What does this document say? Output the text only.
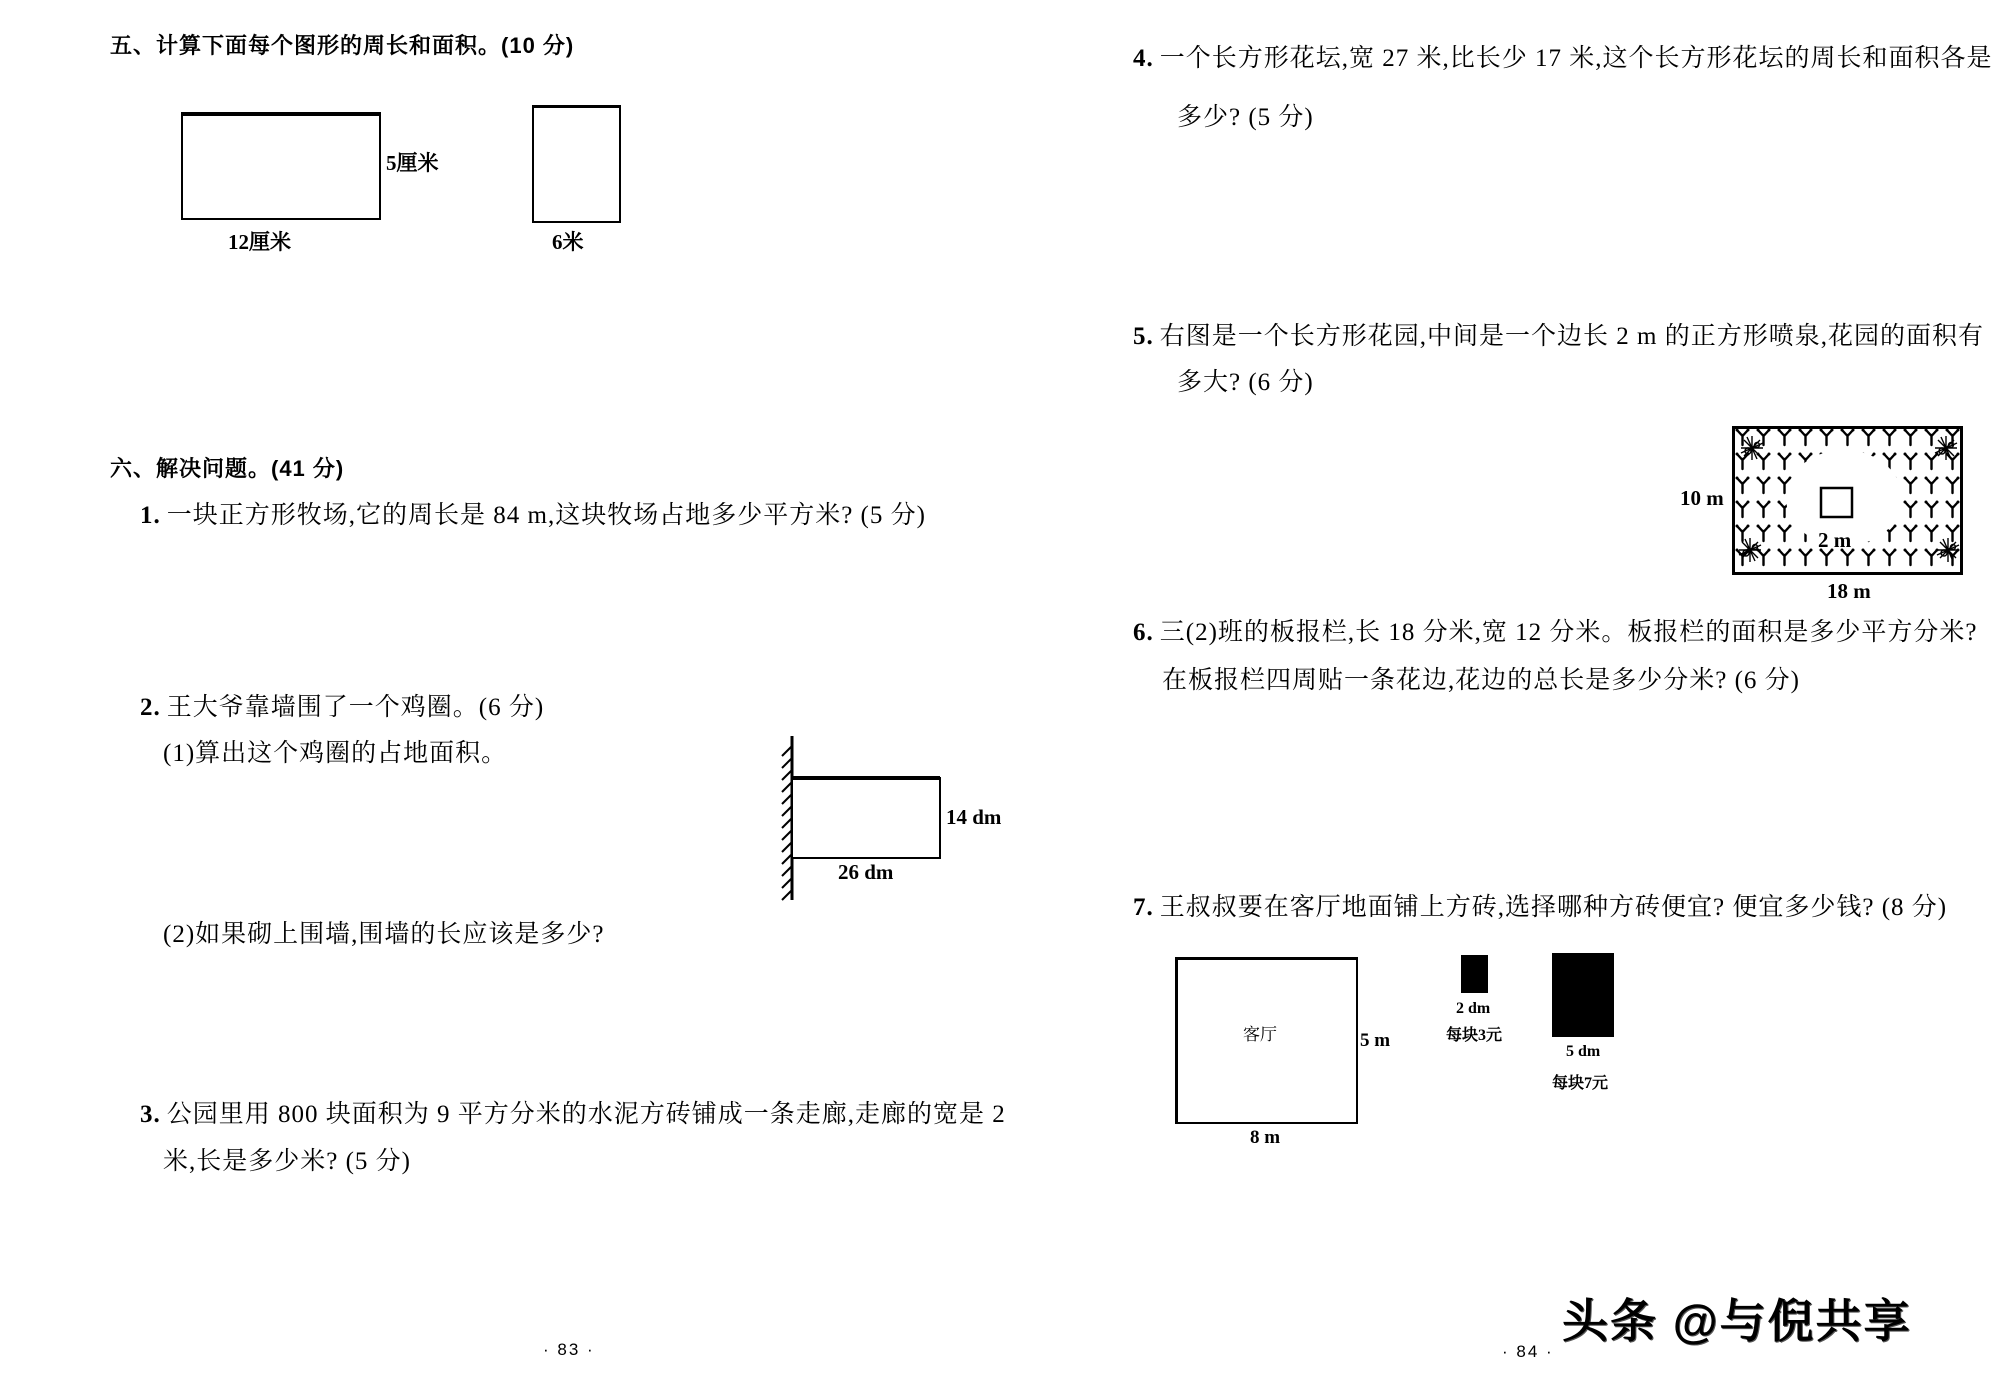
五、计算下面每个图形的周长和面积。(10 分)
5厘米
12厘米	6米
六、解决问题。(41 分)
1. 一块正方形牧场,它的周长是 84 m,这块牧场占地多少平方米? (5 分)
2. 王大爷靠墙围了一个鸡圈。(6 分)
(1)算出这个鸡圈的占地面积。
14 dm
26 dm
(2)如果砌上围墙,围墙的长应该是多少?
3. 公园里用 800 块面积为 9 平方分米的水泥方砖铺成一条走廊,走廊的宽是 2
米,长是多少米? (5 分)
· 83 ·
4. 一个长方形花坛,宽 27 米,比长少 17 米,这个长方形花坛的周长和面积各是
多少? (5 分)
5. 右图是一个长方形花园,中间是一个边长 2 m 的正方形喷泉,花园的面积有
多大? (6 分)
10 m
2 m
18 m
6. 三(2)班的板报栏,长 18 分米,宽 12 分米。板报栏的面积是多少平方分米?
在板报栏四周贴一条花边,花边的总长是多少分米? (6 分)
7. 王叔叔要在客厅地面铺上方砖,选择哪种方砖便宜? 便宜多少钱? (8 分)
客厅	5 m
8 m
2 dm
每块3元
5 dm
每块7元
· 84 ·
头条 @与倪共享
